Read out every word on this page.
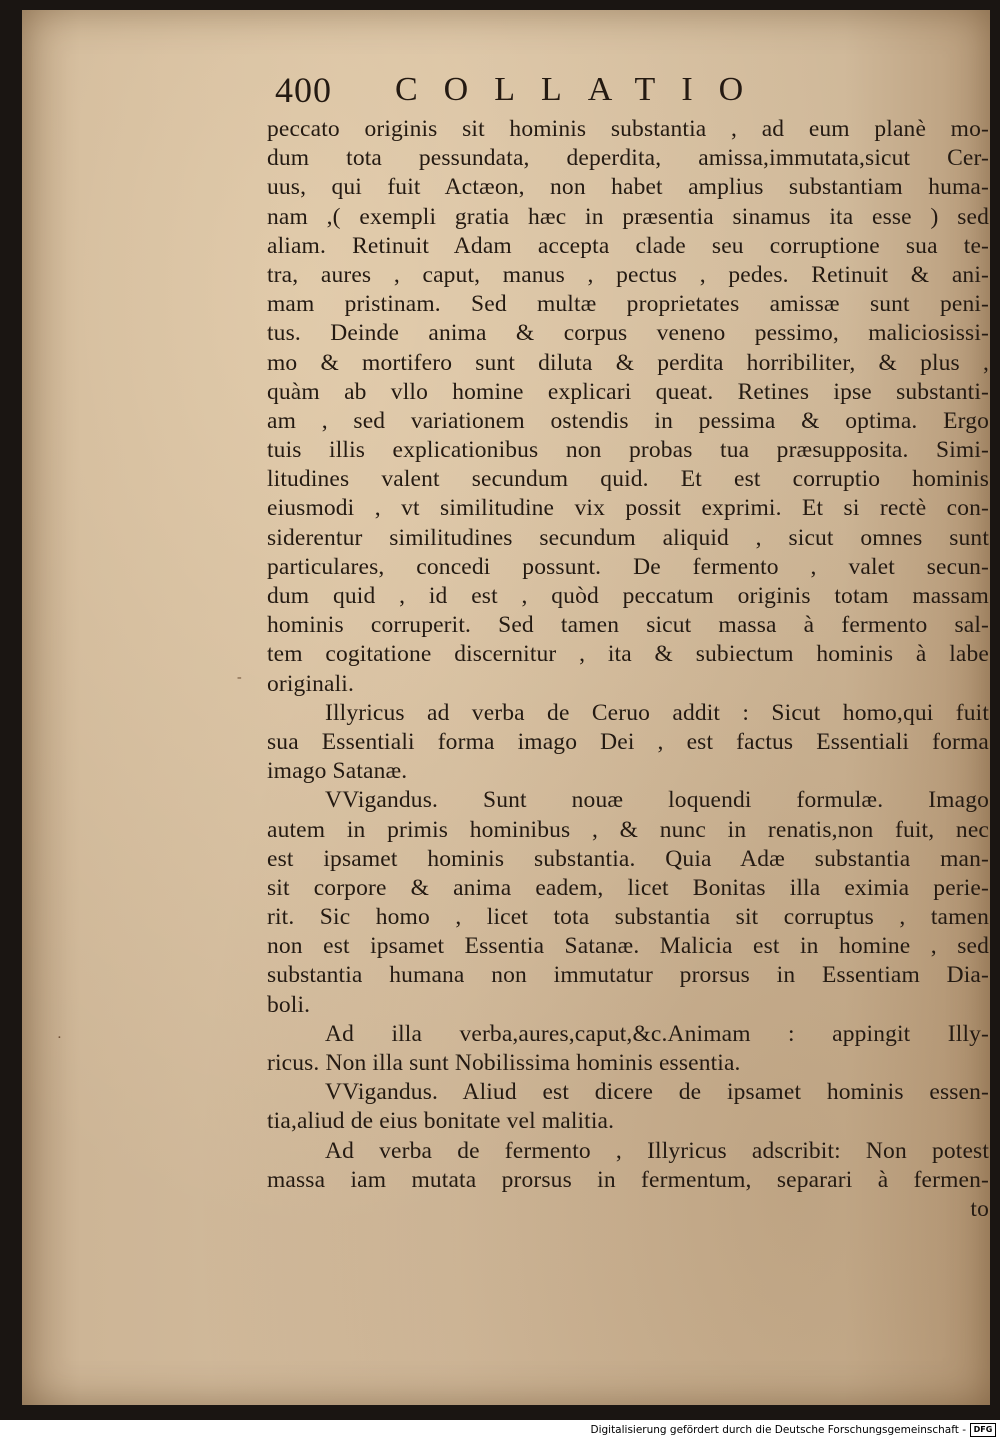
400 COLLATIO
peccato originis sit hominis substantia , ad eum planè mo-
dum tota pessundata, deperdita, amissa,immutata,sicut Cer-
uus, qui fuit Actæon, non habet amplius substantiam huma-
nam ,( exempli gratia hæc in præsentia sinamus ita esse ) sed
aliam. Retinuit Adam accepta clade seu corruptione sua te-
tra, aures , caput, manus , pectus , pedes. Retinuit & ani-
mam pristinam. Sed multæ proprietates amissæ sunt peni-
tus. Deinde anima & corpus veneno pessimo, maliciosissi-
mo & mortifero sunt diluta & perdita horribiliter, & plus ,
quàm ab vllo homine explicari queat. Retines ipse substanti-
am , sed variationem ostendis in pessima & optima. Ergo
tuis illis explicationibus non probas tua præsupposita. Simi-
litudines valent secundum quid. Et est corruptio hominis
eiusmodi , vt similitudine vix possit exprimi. Et si rectè con-
siderentur similitudines secundum aliquid , sicut omnes sunt
particulares, concedi possunt. De fermento , valet secun-
dum quid , id est , quòd peccatum originis totam massam
hominis corruperit. Sed tamen sicut massa à fermento sal-
tem cogitatione discernitur , ita & subiectum hominis à labe
originali.
Illyricus ad verba de Ceruo addit : Sicut homo,qui fuit
sua Essentiali forma imago Dei , est factus Essentiali forma
imago Satanæ.
VVigandus. Sunt nouæ loquendi formulæ. Imago
autem in primis hominibus , & nunc in renatis,non fuit, nec
est ipsamet hominis substantia. Quia Adæ substantia man-
sit corpore & anima eadem, licet Bonitas illa eximia perie-
rit. Sic homo , licet tota substantia sit corruptus , tamen
non est ipsamet Essentia Satanæ. Malicia est in homine , sed
substantia humana non immutatur prorsus in Essentiam Dia-
boli.
Ad illa verba,aures,caput,&c.Animam : appingit Illy-
ricus. Non illa sunt Nobilissima hominis essentia.
VVigandus. Aliud est dicere de ipsamet hominis essen-
tia,aliud de eius bonitate vel malitia.
Ad verba de fermento , Illyricus adscribit: Non potest
massa iam mutata prorsus in fermentum, separari à fermen-
to
-
⋅
Digitalisierung gefördert durch die Deutsche Forschungsgemeinschaft - DFG
